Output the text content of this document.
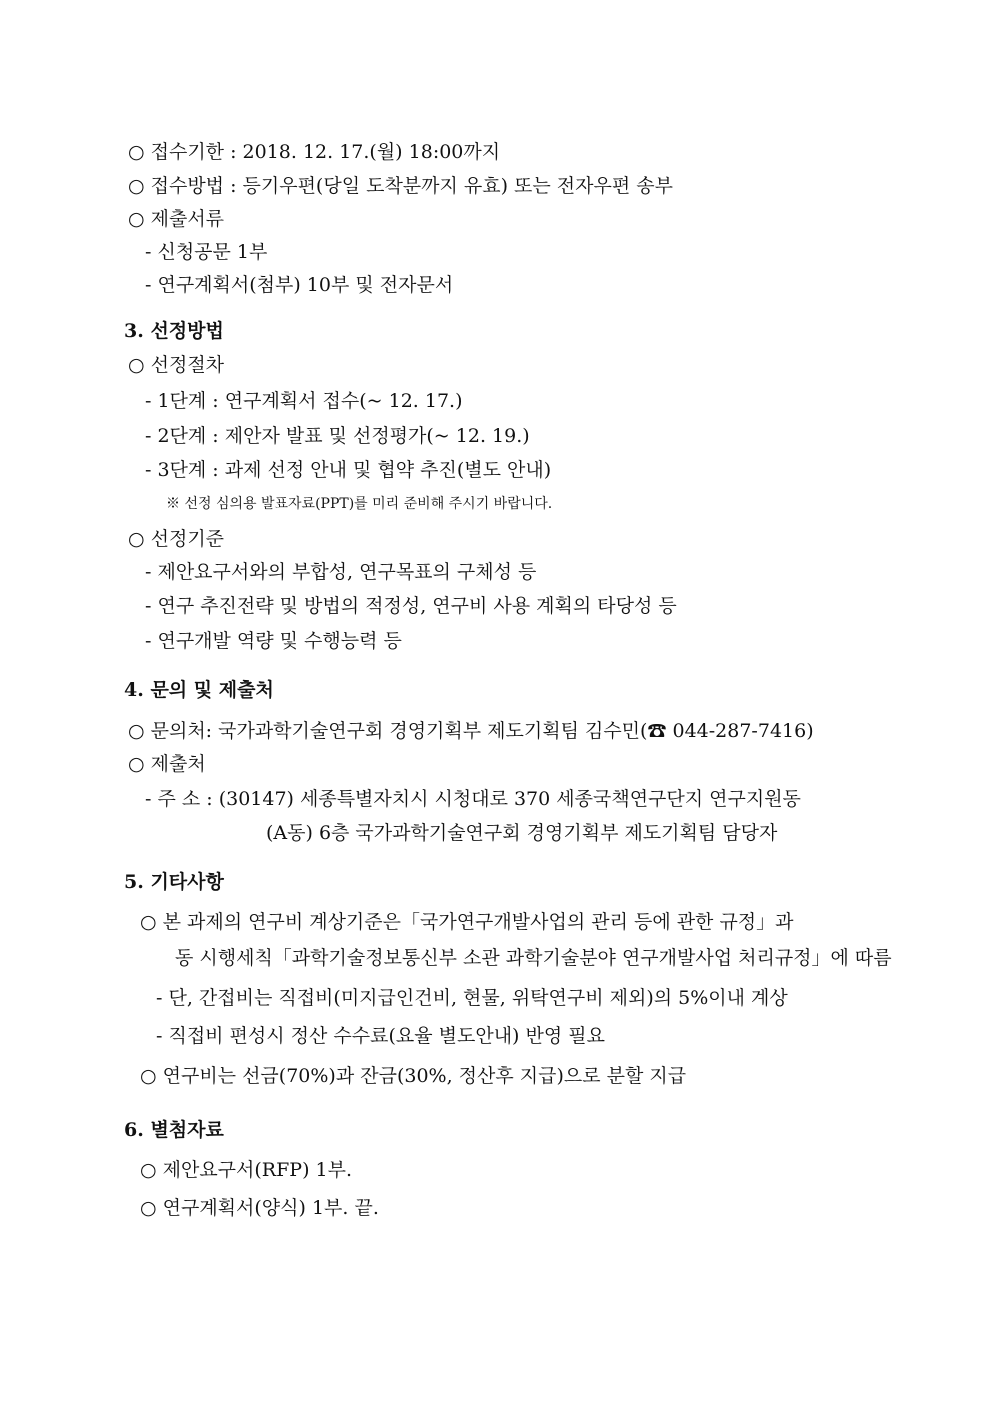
○ 접수기한 : 2018. 12. 17.(월) 18:00까지
○ 접수방법 : 등기우편(당일 도착분까지 유효) 또는 전자우편 송부
○ 제출서류
- 신청공문 1부
- 연구계획서(첨부) 10부 및 전자문서
3. 선정방법
○ 선정절차
- 1단계 : 연구계획서 접수(~ 12. 17.)
- 2단계 : 제안자 발표 및 선정평가(~ 12. 19.)
- 3단계 : 과제 선정 안내 및 협약 추진(별도 안내)
※ 선정 심의용 발표자료(PPT)를 미리 준비해 주시기 바랍니다.
○ 선정기준
- 제안요구서와의 부합성, 연구목표의 구체성 등
- 연구 추진전략 및 방법의 적정성, 연구비 사용 계획의 타당성 등
- 연구개발 역량 및 수행능력 등
4. 문의 및 제출처
○ 문의처: 국가과학기술연구회 경영기획부 제도기획팀 김수민(☎ 044-287-7416)
○ 제출처
- 주 소 : (30147) 세종특별자치시 시청대로 370 세종국책연구단지 연구지원동
(A동) 6층 국가과학기술연구회 경영기획부 제도기획팀 담당자
5. 기타사항
○ 본 과제의 연구비 계상기준은「국가연구개발사업의 관리 등에 관한 규정」과
동 시행세칙「과학기술정보통신부 소관 과학기술분야 연구개발사업 처리규정」에 따름
- 단, 간접비는 직접비(미지급인건비, 현물, 위탁연구비 제외)의 5%이내 계상
- 직접비 편성시 정산 수수료(요율 별도안내) 반영 필요
○ 연구비는 선금(70%)과 잔금(30%, 정산후 지급)으로 분할 지급
6. 별첨자료
○ 제안요구서(RFP) 1부.
○ 연구계획서(양식) 1부. 끝.
